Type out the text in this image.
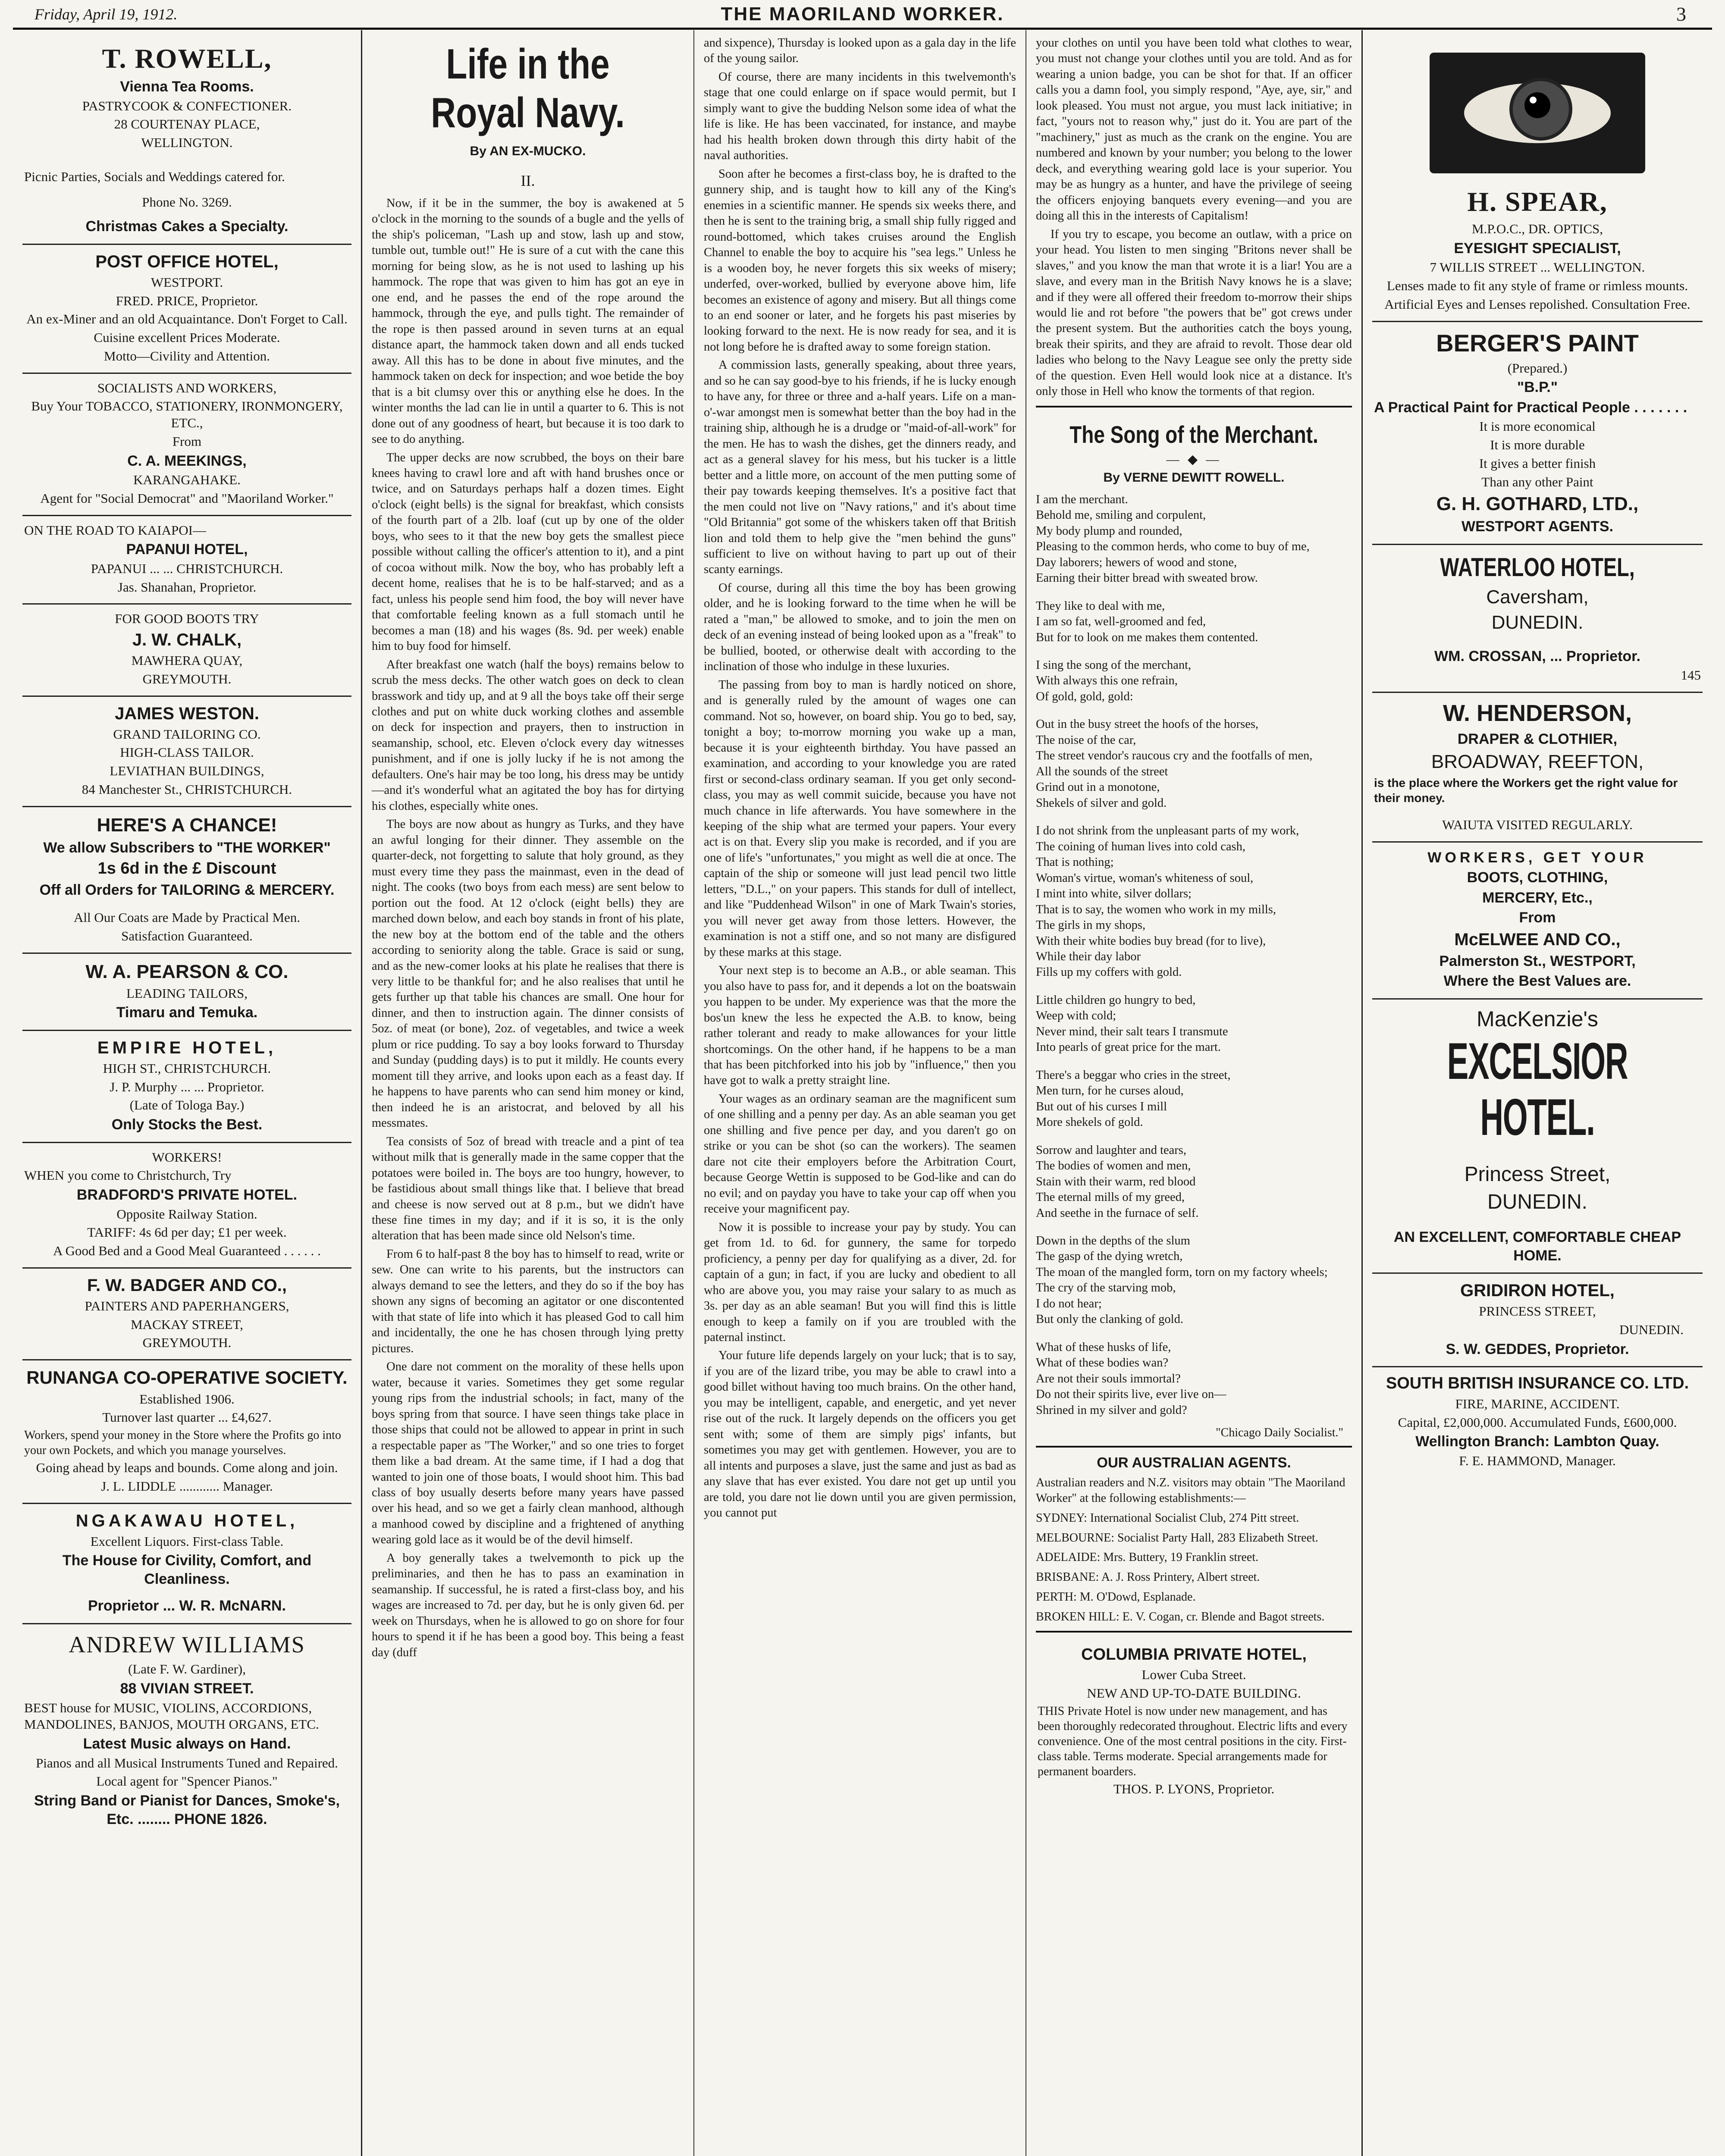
Friday, April 19, 1912.	THE MAORILAND WORKER.	3

T. ROWELL,

Vienna Tea Rooms.

PASTRYCOOK & CONFECTIONER.

28 COURTENAY PLACE,

WELLINGTON.

Picnic Parties, Socials and Weddings catered for.

Phone No. 3269.

Christmas Cakes a Specialty.

POST OFFICE HOTEL,

WESTPORT.

FRED. PRICE, Proprietor.

An ex-Miner and an old Acquaintance. Don't Forget to Call.

Cuisine excellent Prices Moderate.

Motto—Civility and Attention.

SOCIALISTS AND WORKERS,

Buy Your TOBACCO, STATIONERY, IRONMONGERY, ETC.,

From

C. A. MEEKINGS,

KARANGAHAKE.

Agent for "Social Democrat" and "Maoriland Worker."

ON THE ROAD TO KAIAPOI—

PAPANUI HOTEL,

PAPANUI ... ... CHRISTCHURCH.

Jas. Shanahan, Proprietor.

FOR GOOD BOOTS TRY

J. W. CHALK,

MAWHERA QUAY,

GREYMOUTH.

JAMES WESTON.

GRAND TAILORING CO.

HIGH-CLASS TAILOR.

LEVIATHAN BUILDINGS,

84 Manchester St., CHRISTCHURCH.

HERE'S A CHANCE!

We allow Subscribers to "THE WORKER"

1s 6d in the £ Discount

Off all Orders for TAILORING & MERCERY.

All Our Coats are Made by Practical Men.

Satisfaction Guaranteed.

W. A. PEARSON & CO.

LEADING TAILORS,

Timaru and Temuka.

EMPIRE HOTEL,

HIGH ST., CHRISTCHURCH.

J. P. Murphy ... ... Proprietor.

(Late of Tologa Bay.)

Only Stocks the Best.

WORKERS!

WHEN you come to Christchurch, Try

BRADFORD'S PRIVATE HOTEL.

Opposite Railway Station.

TARIFF: 4s 6d per day; £1 per week.

A Good Bed and a Good Meal Guaranteed . . . . . .

F. W. BADGER AND CO.,

PAINTERS AND PAPERHANGERS,

MACKAY STREET,

GREYMOUTH.

RUNANGA CO-OPERATIVE SOCIETY.

Established 1906.

Turnover last quarter ... £4,627.

Workers, spend your money in the Store where the Profits go into your own Pockets, and which you manage yourselves.

Going ahead by leaps and bounds. Come along and join.

J. L. LIDDLE ............ Manager.

NGAKAWAU HOTEL,

Excellent Liquors. First-class Table.

The House for Civility, Comfort, and Cleanliness.

Proprietor ... W. R. McNARN.

ANDREW WILLIAMS

(Late F. W. Gardiner),

88 VIVIAN STREET.

BEST house for MUSIC, VIOLINS, ACCORDIONS, MANDOLINES, BANJOS, MOUTH ORGANS, ETC.

Latest Music always on Hand.

Pianos and all Musical Instruments Tuned and Repaired.

Local agent for "Spencer Pianos."

String Band or Pianist for Dances, Smoke's, Etc. ........ PHONE 1826.

Life in the Royal Navy.
By AN EX-MUCKO.
II.

Now, if it be in the summer, the boy is awakened at 5 o'clock in the morning to the sounds of a bugle and the yells of the ship's policeman, "Lash up and stow, lash up and stow, tumble out, tumble out!" He is sure of a cut with the cane this morning for being slow, as he is not used to lashing up his hammock. The rope that was given to him has got an eye in one end, and he passes the end of the rope around the hammock, through the eye, and pulls tight. The remainder of the rope is then passed around in seven turns at an equal distance apart, the hammock taken down and all ends tucked away. All this has to be done in about five minutes, and the hammock taken on deck for inspection; and woe betide the boy that is a bit clumsy over this or anything else he does. In the winter months the lad can lie in until a quarter to 6. This is not done out of any goodness of heart, but because it is too dark to see to do anything.

The upper decks are now scrubbed, the boys on their bare knees having to crawl lore and aft with hand brushes once or twice, and on Saturdays perhaps half a dozen times. Eight o'clock (eight bells) is the signal for breakfast, which consists of the fourth part of a 2lb. loaf (cut up by one of the older boys, who sees to it that the new boy gets the smallest piece possible without calling the officer's attention to it), and a pint of cocoa without milk. Now the boy, who has probably left a decent home, realises that he is to be half-starved; and as a fact, unless his people send him food, the boy will never have that comfortable feeling known as a full stomach until he becomes a man (18) and his wages (8s. 9d. per week) enable him to buy food for himself.

After breakfast one watch (half the boys) remains below to scrub the mess decks. The other watch goes on deck to clean brasswork and tidy up, and at 9 all the boys take off their serge clothes and put on white duck working clothes and assemble on deck for inspection and prayers, then to instruction in seamanship, school, etc. Eleven o'clock every day witnesses punishment, and if one is jolly lucky if he is not among the defaulters. One's hair may be too long, his dress may be untidy—and it's wonderful what an agitated the boy has for dirtying his clothes, especially white ones.

The boys are now about as hungry as Turks, and they have an awful longing for their dinner. They assemble on the quarter-deck, not forgetting to salute that holy ground, as they must every time they pass the mainmast, even in the dead of night. The cooks (two boys from each mess) are sent below to portion out the food. At 12 o'clock (eight bells) they are marched down below, and each boy stands in front of his plate, the new boy at the bottom end of the table and the others according to seniority along the table. Grace is said or sung, and as the new-comer looks at his plate he realises that there is very little to be thankful for; and he also realises that until he gets further up that table his chances are small. One hour for dinner, and then to instruction again. The dinner consists of 5oz. of meat (or bone), 2oz. of vegetables, and twice a week plum or rice pudding. To say a boy looks forward to Thursday and Sunday (pudding days) is to put it mildly. He counts every moment till they arrive, and looks upon each as a feast day. If he happens to have parents who can send him money or kind, then indeed he is an aristocrat, and beloved by all his messmates.

Tea consists of 5oz of bread with treacle and a pint of tea without milk that is generally made in the same copper that the potatoes were boiled in. The boys are too hungry, however, to be fastidious about small things like that. I believe that bread and cheese is now served out at 8 p.m., but we didn't have these fine times in my day; and if it is so, it is the only alteration that has been made since old Nelson's time.

From 6 to half-past 8 the boy has to himself to read, write or sew. One can write to his parents, but the instructors can always demand to see the letters, and they do so if the boy has shown any signs of becoming an agitator or one discontented with that state of life into which it has pleased God to call him and incidentally, the one he has chosen through lying pretty pictures.

One dare not comment on the morality of these hells upon water, because it varies. Sometimes they get some regular young rips from the industrial schools; in fact, many of the boys spring from that source. I have seen things take place in those ships that could not be allowed to appear in print in such a respectable paper as "The Worker," and so one tries to forget them like a bad dream. At the same time, if I had a dog that wanted to join one of those boats, I would shoot him. This bad class of boy usually deserts before many years have passed over his head, and so we get a fairly clean manhood, although a manhood cowed by discipline and a frightened of anything wearing gold lace as it would be of the devil himself.

A boy generally takes a twelvemonth to pick up the preliminaries, and then he has to pass an examination in seamanship. If successful, he is rated a first-class boy, and his wages are increased to 7d. per day, but he is only given 6d. per week on Thursdays, when he is allowed to go on shore for four hours to spend it if he has been a good boy. This being a feast day (duff

and sixpence), Thursday is looked upon as a gala day in the life of the young sailor.

Of course, there are many incidents in this twelvemonth's stage that one could enlarge on if space would permit, but I simply want to give the budding Nelson some idea of what the life is like. He has been vaccinated, for instance, and maybe had his health broken down through this dirty habit of the naval authorities.

Soon after he becomes a first-class boy, he is drafted to the gunnery ship, and is taught how to kill any of the King's enemies in a scientific manner. He spends six weeks there, and then he is sent to the training brig, a small ship fully rigged and round-bottomed, which takes cruises around the English Channel to enable the boy to acquire his "sea legs." Unless he is a wooden boy, he never forgets this six weeks of misery; underfed, over-worked, bullied by everyone above him, life becomes an existence of agony and misery. But all things come to an end sooner or later, and he forgets his past miseries by looking forward to the next. He is now ready for sea, and it is not long before he is drafted away to some foreign station.

A commission lasts, generally speaking, about three years, and so he can say good-bye to his friends, if he is lucky enough to have any, for three or three and a-half years. Life on a man-o'-war amongst men is somewhat better than the boy had in the training ship, although he is a drudge or "maid-of-all-work" for the men. He has to wash the dishes, get the dinners ready, and act as a general slavey for his mess, but his tucker is a little better and a little more, on account of the men putting some of their pay towards keeping themselves. It's a positive fact that the men could not live on "Navy rations," and it's about time "Old Britannia" got some of the whiskers taken off that British lion and told them to help give the "men behind the guns" sufficient to live on without having to part up out of their scanty earnings.

Of course, during all this time the boy has been growing older, and he is looking forward to the time when he will be rated a "man," be allowed to smoke, and to join the men on deck of an evening instead of being looked upon as a "freak" to be bullied, booted, or otherwise dealt with according to the inclination of those who indulge in these luxuries.

The passing from boy to man is hardly noticed on shore, and is generally ruled by the amount of wages one can command. Not so, however, on board ship. You go to bed, say, tonight a boy; to-morrow morning you wake up a man, because it is your eighteenth birthday. You have passed an examination, and according to your knowledge you are rated first or second-class ordinary seaman. If you get only second-class, you may as well commit suicide, because you have not much chance in life afterwards. You have somewhere in the keeping of the ship what are termed your papers. Your every act is on that. Every slip you make is recorded, and if you are one of life's "unfortunates," you might as well die at once. The captain of the ship or someone will just lead pencil two little letters, "D.L.," on your papers. This stands for dull of intellect, and like "Puddenhead Wilson" in one of Mark Twain's stories, you will never get away from those letters. However, the examination is not a stiff one, and so not many are disfigured by these marks at this stage.

Your next step is to become an A.B., or able seaman. This you also have to pass for, and it depends a lot on the boatswain you happen to be under. My experience was that the more the bos'un knew the less he expected the A.B. to know, being rather tolerant and ready to make allowances for your little shortcomings. On the other hand, if he happens to be a man that has been pitchforked into his job by "influence," then you have got to walk a pretty straight line.

Your wages as an ordinary seaman are the magnificent sum of one shilling and a penny per day. As an able seaman you get one shilling and five pence per day, and you daren't go on strike or you can be shot (so can the workers). The seamen dare not cite their employers before the Arbitration Court, because George Wettin is supposed to be God-like and can do no evil; and on payday you have to take your cap off when you receive your magnificent pay.

Now it is possible to increase your pay by study. You can get from 1d. to 6d. for gunnery, the same for torpedo proficiency, a penny per day for qualifying as a diver, 2d. for captain of a gun; in fact, if you are lucky and obedient to all who are above you, you may raise your salary to as much as 3s. per day as an able seaman! But you will find this is little enough to keep a family on if you are troubled with the paternal instinct.

Your future life depends largely on your luck; that is to say, if you are of the lizard tribe, you may be able to crawl into a good billet without having too much brains. On the other hand, you may be intelligent, capable, and energetic, and yet never rise out of the ruck. It largely depends on the officers you get sent with; some of them are simply pigs' infants, but sometimes you may get with gentlemen. However, you are to all intents and purposes a slave, just the same and just as bad as any slave that has ever existed. You dare not get up until you are told, you dare not lie down until you are given permission, you cannot put

your clothes on until you have been told what clothes to wear, you must not change your clothes until you are told. And as for wearing a union badge, you can be shot for that. If an officer calls you a damn fool, you simply respond, "Aye, aye, sir," and look pleased. You must not argue, you must lack initiative; in fact, "yours not to reason why," just do it. You are part of the "machinery," just as much as the crank on the engine. You are numbered and known by your number; you belong to the lower deck, and everything wearing gold lace is your superior. You may be as hungry as a hunter, and have the privilege of seeing the officers enjoying banquets every evening—and you are doing all this in the interests of Capitalism!

If you try to escape, you become an outlaw, with a price on your head. You listen to men singing "Britons never shall be slaves," and you know the man that wrote it is a liar! You are a slave, and every man in the British Navy knows he is a slave; and if they were all offered their freedom to-morrow their ships would lie and rot before "the powers that be" got crews under the present system. But the authorities catch the boys young, break their spirits, and they are afraid to revolt. Those dear old ladies who belong to the Navy League see only the pretty side of the question. Even Hell would look nice at a distance. It's only those in Hell who know the torments of that region.

The Song of the Merchant.
— ◆ —
By VERNE DEWITT ROWELL.

I am the merchant.
Behold me, smiling and corpulent,
My body plump and rounded,
Pleasing to the common herds, who come to buy of me,
Day laborers; hewers of wood and stone,
Earning their bitter bread with sweated brow.

They like to deal with me,
I am so fat, well-groomed and fed,
But for to look on me makes them contented.

I sing the song of the merchant,
With always this one refrain,
Of gold, gold, gold:

Out in the busy street the hoofs of the horses,
The noise of the car,
The street vendor's raucous cry and the footfalls of men,
All the sounds of the street
Grind out in a monotone,
Shekels of silver and gold.

I do not shrink from the unpleasant parts of my work,
The coining of human lives into cold cash,
That is nothing;
Woman's virtue, woman's whiteness of soul,
I mint into white, silver dollars;
That is to say, the women who work in my mills,
The girls in my shops,
With their white bodies buy bread (for to live),
While their day labor
Fills up my coffers with gold.

Little children go hungry to bed,
Weep with cold;
Never mind, their salt tears I transmute
Into pearls of great price for the mart.

There's a beggar who cries in the street,
Men turn, for he curses aloud,
But out of his curses I mill
More shekels of gold.

Sorrow and laughter and tears,
The bodies of women and men,
Stain with their warm, red blood
The eternal mills of my greed,
And seethe in the furnace of self.

Down in the depths of the slum
The gasp of the dying wretch,
The moan of the mangled form, torn on my factory wheels;
The cry of the starving mob,
I do not hear;
But only the clanking of gold.

What of these husks of life,
What of these bodies wan?
Are not their souls immortal?
Do not their spirits live, ever live on—
Shrined in my silver and gold?

"Chicago Daily Socialist."
OUR AUSTRALIAN AGENTS.
Australian readers and N.Z. visitors may obtain "The Maoriland Worker" at the following establishments:—
SYDNEY: International Socialist Club, 274 Pitt street.
MELBOURNE: Socialist Party Hall, 283 Elizabeth Street.
ADELAIDE: Mrs. Buttery, 19 Franklin street.
BRISBANE: A. J. Ross Printery, Albert street.
PERTH: M. O'Dowd, Esplanade.
BROKEN HILL: E. V. Cogan, cr. Blende and Bagot streets.

COLUMBIA PRIVATE HOTEL,

Lower Cuba Street.

NEW AND UP-TO-DATE BUILDING.

THIS Private Hotel is now under new management, and has been thoroughly redecorated throughout. Electric lifts and every convenience. One of the most central positions in the city. First-class table. Terms moderate. Special arrangements made for permanent boarders.

THOS. P. LYONS, Proprietor.

H. SPEAR,

M.P.O.C., DR. OPTICS,

EYESIGHT SPECIALIST,

7 WILLIS STREET ... WELLINGTON.

Lenses made to fit any style of frame or rimless mounts.

Artificial Eyes and Lenses repolished. Consultation Free.

BERGER'S PAINT

(Prepared.)

"B.P."

A Practical Paint for Practical People . . . . . . .

It is more economical

It is more durable

It gives a better finish

Than any other Paint

G. H. GOTHARD, LTD.,

WESTPORT AGENTS.

WATERLOO HOTEL,

Caversham,

DUNEDIN.

WM. CROSSAN, ... Proprietor.

145

W. HENDERSON,

DRAPER & CLOTHIER,

BROADWAY, REEFTON,

is the place where the Workers get the right value for their money.

WAIUTA VISITED REGULARLY.

WORKERS, GET YOUR

BOOTS, CLOTHING,

MERCERY, Etc.,

From

McELWEE AND CO.,

Palmerston St., WESTPORT,

Where the Best Values are.

MacKenzie's

EXCELSIOR

HOTEL.

Princess Street,

DUNEDIN.

AN EXCELLENT, COMFORTABLE CHEAP HOME.

GRIDIRON HOTEL,

PRINCESS STREET,

DUNEDIN.

S. W. GEDDES, Proprietor.

SOUTH BRITISH INSURANCE CO. LTD.

FIRE, MARINE, ACCIDENT.

Capital, £2,000,000. Accumulated Funds, £600,000.

Wellington Branch: Lambton Quay.

F. E. HAMMOND, Manager.
